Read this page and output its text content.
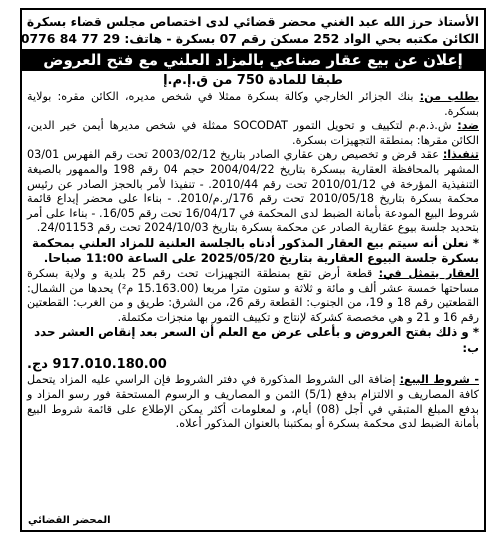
الأستاذ حرز الله عبد الغني محضر قضائي لدى اختصاص مجلس قضاء بسكرة
الكائن مكتبه بحي الواد 252 مسكن رقم 07 بسكرة - هاتف: 29 77 84 0776
إعلان عن بيع عقار صناعي بالمزاد العلني مع فتح العروض
طبقا للمادة 750 من ق.إ.م.إ

بطلب من: بنك الجزائر الخارجي وكالة بسكرة ممثلا في شخص مديره، الكائن مقره: بولاية بسكرة.

ضد: ش.ذ.م.م لتكييف و تحويل التمور SOCODAT ممثلة في شخص مديرها أيمن خير الدين، الكائن مقرها: بمنطقة التجهيزات بسكرة.

تنفيذا: عقد قرض و تخصيص رهن عقاري الصادر بتاريخ 2003/02/12 تحت رقم الفهرس 03/01 المشهر بالمحافظة العقارية ببسكرة بتاريخ 2004/04/22 حجم 04 رقم 198 والممهور بالصيغة التنفيذية المؤرخة في 2010/01/12 تحت رقم 2010/44. - تنفيذا لأمر بالحجز الصادر عن رئيس محكمة بسكرة بتاريخ 2010/05/18 تحت رقم 176/ر.م/2010. - بناءا على محضر إيداع قائمة شروط البيع المودعة بأمانة الضبط لدى المحكمة في 16/04/17 تحت رقم 16/05. - بناءا على أمر بتحديد جلسة بيوع عقارية الصادر عن محكمة بسكرة بتاريخ 2024/10/03 تحت رقم 24/01153.

* نعلن أنه سيتم بيع العقار المذكور أدناه بالجلسة العلنية للمزاد العلني بمحكمة بسكرة جلسة البيوع العقارية بتاريخ 2025/05/20 على الساعة 11:00 صباحا.

العقار يتمثل في: قطعة أرض تقع بمنطقة التجهيزات تحت رقم 25 بلدية و ولاية بسكرة مساحتها خمسة عشر ألف و مائة و ثلاثة و ستون مترا مربعا (15.163.00 م²) يحدها من الشمال: القطعتين رقم 18 و 19، من الجنوب: القطعة رقم 26، من الشرق: طريق و من الغرب: القطعتين رقم 16 و 21 و هي مخصصة كشركة لإنتاج و تكييف التمور بها منجزات مكتملة.

* و ذلك بفتح العروض و بأعلى عرض مع العلم أن السعر بعد إنقاص العشر حدد ب:

917.010.180.00 دج.

- شروط البيع: إضافة الى الشروط المذكورة في دفتر الشروط فإن الراسي عليه المزاد يتحمل كافة المصاريف و الالتزام بدفع (5/1) الثمن و المصاريف و الرسوم المستحقة فور رسو المزاد و بدفع المبلغ المتبقي في أجل (08) أيام، و لمعلومات أكثر يمكن الإطلاع على قائمة شروط البيع بأمانة الضبط لدى محكمة بسكرة أو بمكتبنا بالعنوان المذكور أعلاه.

المحضر القضائي
